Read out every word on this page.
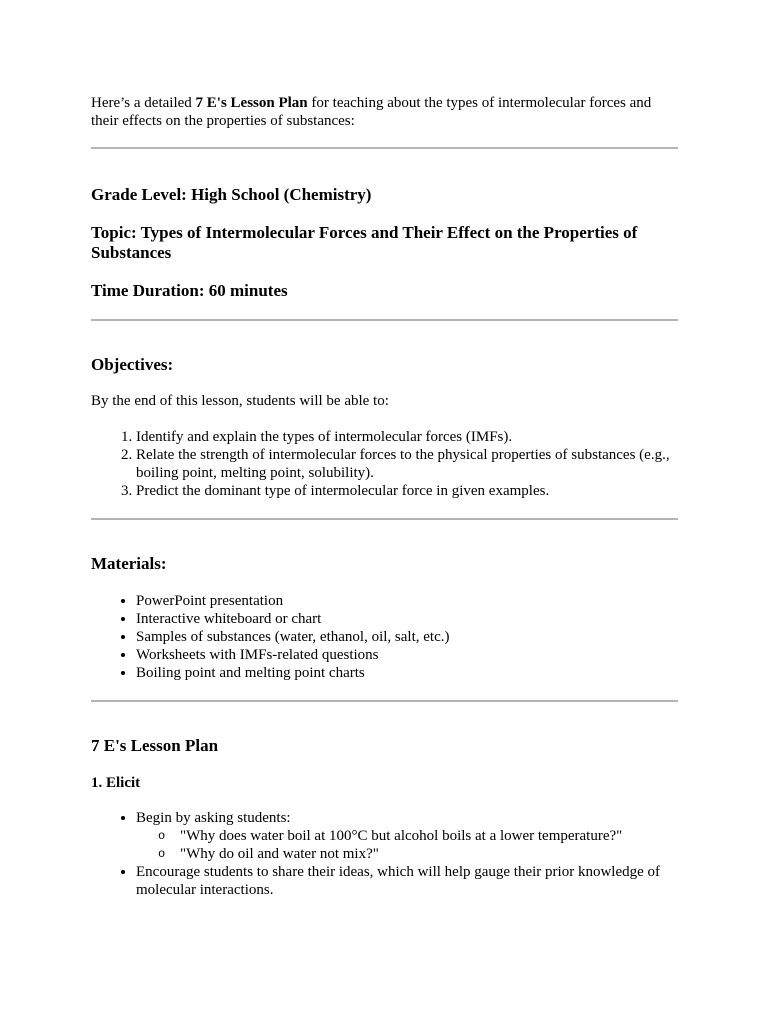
Here’s a detailed 7 E's Lesson Plan for teaching about the types of intermolecular forces and their effects on the properties of substances:

Grade Level: High School (Chemistry)
Topic: Types of Intermolecular Forces and Their Effect on the Properties of Substances
Time Duration: 60 minutes
Objectives:

By the end of this lesson, students will be able to:

1. Identify and explain the types of intermolecular forces (IMFs).
2. Relate the strength of intermolecular forces to the physical properties of substances (e.g., boiling point, melting point, solubility).
3. Predict the dominant type of intermolecular force in given examples.
Materials:
• PowerPoint presentation
• Interactive whiteboard or chart
• Samples of substances (water, ethanol, oil, salt, etc.)
• Worksheets with IMFs-related questions
• Boiling point and melting point charts
7 E's Lesson Plan
1. Elicit
• Begin by asking students:
o "Why does water boil at 100°C but alcohol boils at a lower temperature?"
o "Why do oil and water not mix?"
• Encourage students to share their ideas, which will help gauge their prior knowledge of molecular interactions.
